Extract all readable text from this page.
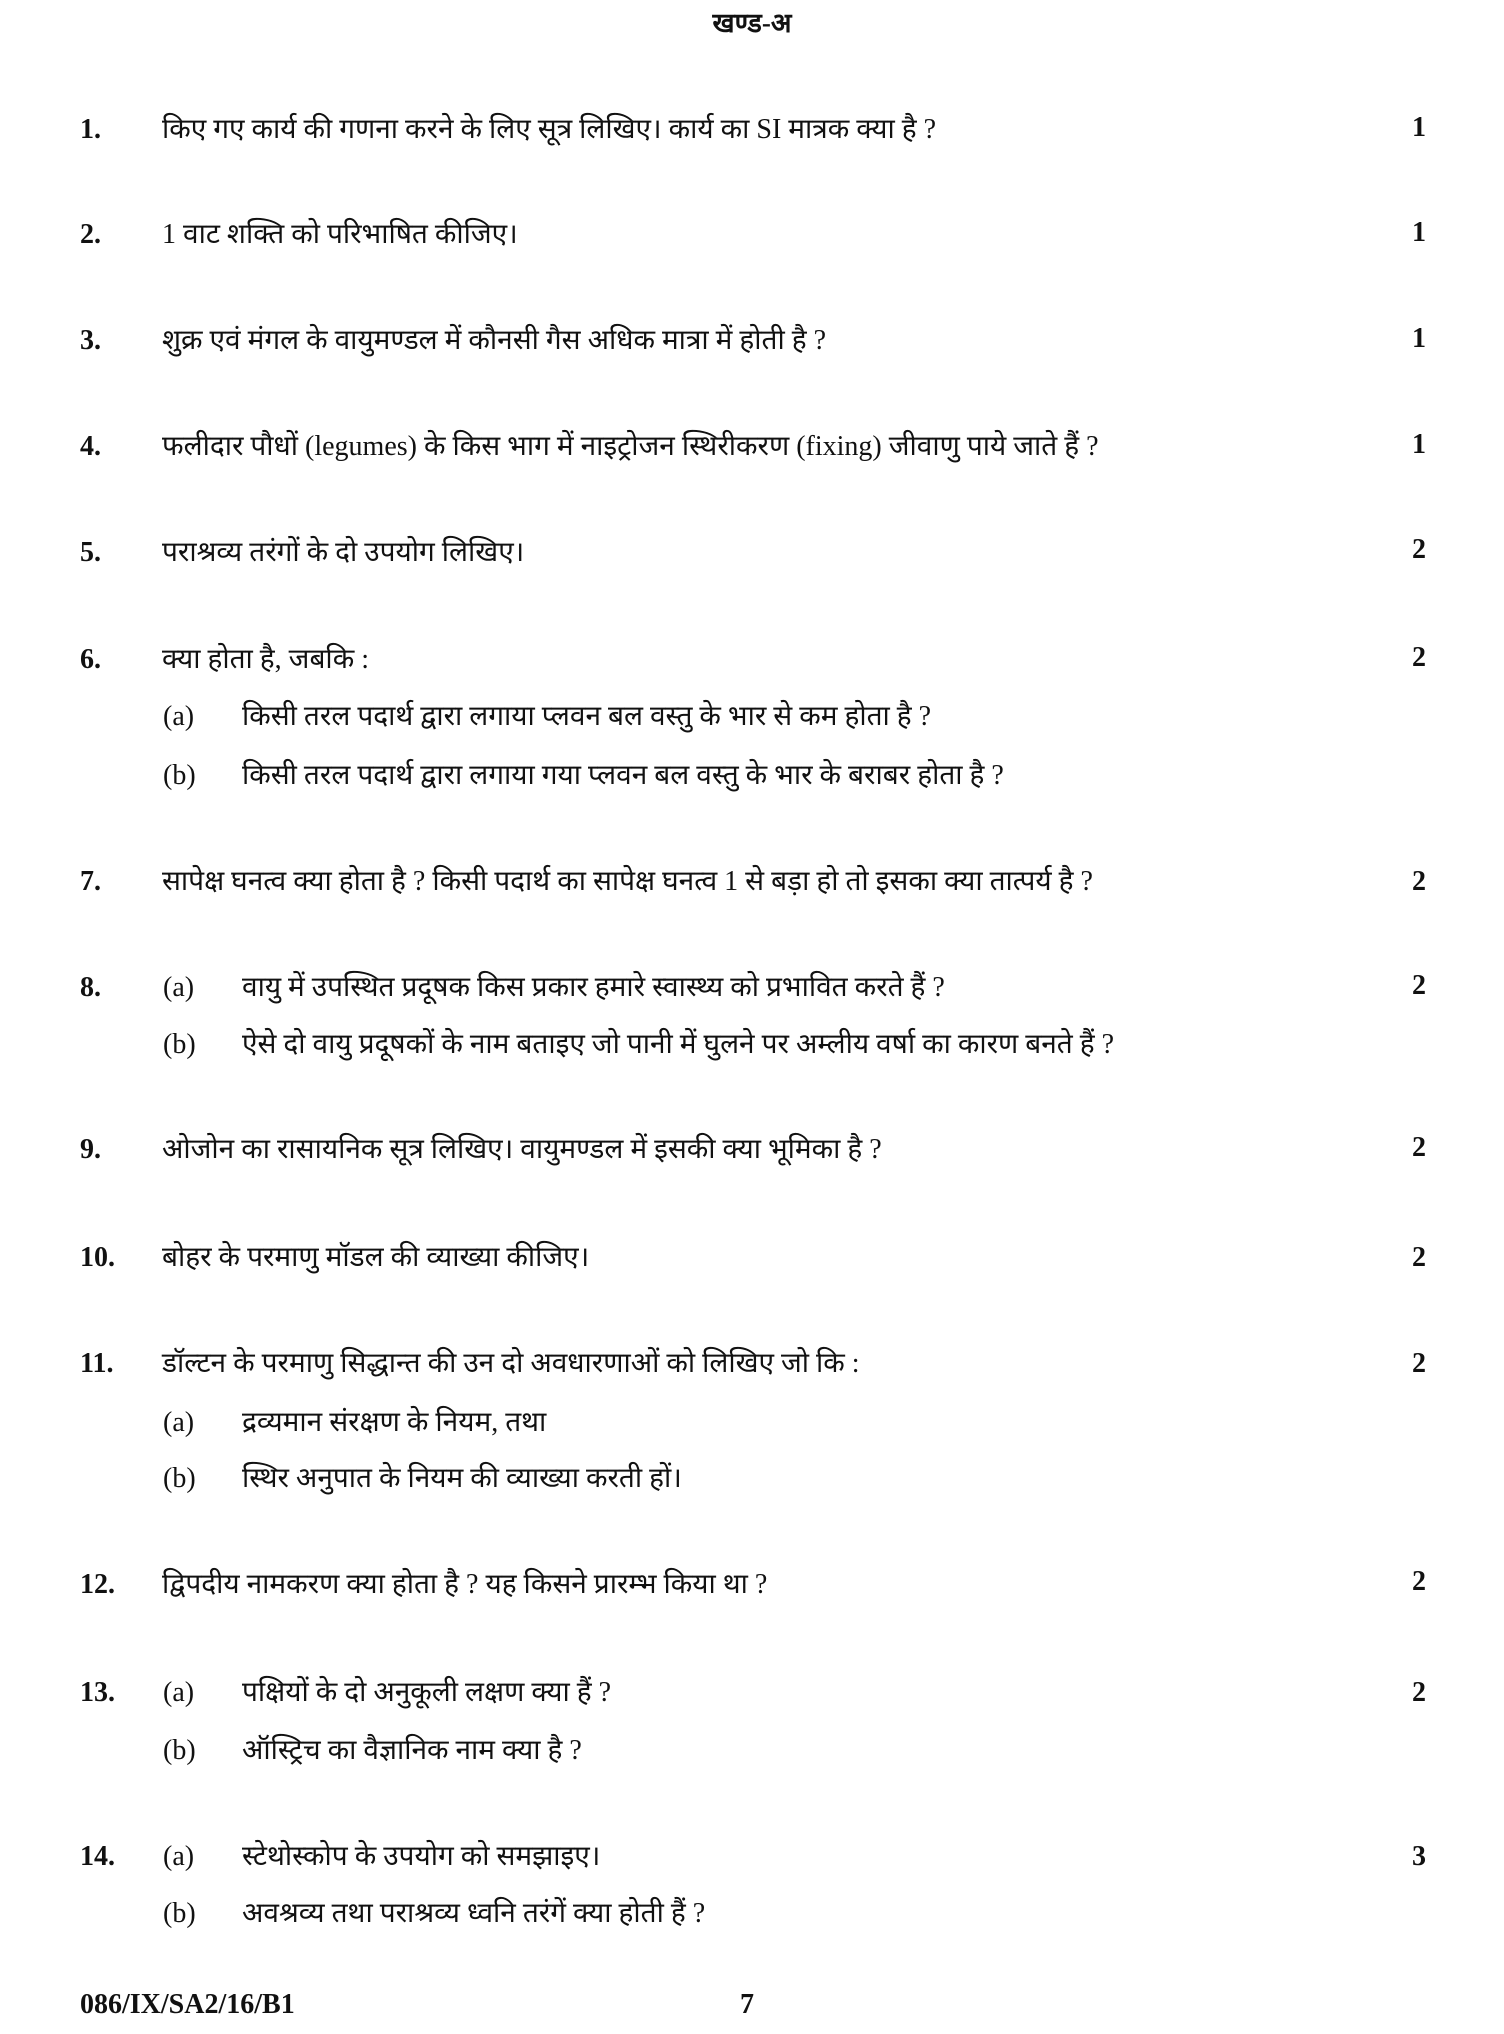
खण्ड-अ
1. किए गए कार्य की गणना करने के लिए सूत्र लिखिए। कार्य का SI मात्रक क्या है ?	1
2. 1 वाट शक्ति को परिभाषित कीजिए।	1
3. शुक्र एवं मंगल के वायुमण्डल में कौनसी गैस अधिक मात्रा में होती है ?	1
4. फलीदार पौधों (legumes) के किस भाग में नाइट्रोजन स्थिरीकरण (fixing) जीवाणु पाये जाते हैं ?	1
5. पराश्रव्य तरंगों के दो उपयोग लिखिए।	2
6. क्या होता है, जबकि :	2
(a) किसी तरल पदार्थ द्वारा लगाया प्लवन बल वस्तु के भार से कम होता है ?
(b) किसी तरल पदार्थ द्वारा लगाया गया प्लवन बल वस्तु के भार के बराबर होता है ?
7. सापेक्ष घनत्व क्या होता है ? किसी पदार्थ का सापेक्ष घनत्व 1 से बड़ा हो तो इसका क्या तात्पर्य है ?	2
8.	2
(a) वायु में उपस्थित प्रदूषक किस प्रकार हमारे स्वास्थ्य को प्रभावित करते हैं ?
(b) ऐसे दो वायु प्रदूषकों के नाम बताइए जो पानी में घुलने पर अम्लीय वर्षा का कारण बनते हैं ?
9. ओजोन का रासायनिक सूत्र लिखिए। वायुमण्डल में इसकी क्या भूमिका है ?	2
10. बोहर के परमाणु मॉडल की व्याख्या कीजिए।	2
11. डॉल्टन के परमाणु सिद्धान्त की उन दो अवधारणाओं को लिखिए जो कि :	2
(a) द्रव्यमान संरक्षण के नियम, तथा
(b) स्थिर अनुपात के नियम की व्याख्या करती हों।
12. द्विपदीय नामकरण क्या होता है ? यह किसने प्रारम्भ किया था ?	2
13.	2
(a) पक्षियों के दो अनुकूली लक्षण क्या हैं ?
(b) ऑस्ट्रिच का वैज्ञानिक नाम क्या है ?
14.	3
(a) स्टेथोस्कोप के उपयोग को समझाइए।
(b) अवश्रव्य तथा पराश्रव्य ध्वनि तरंगें क्या होती हैं ?
086/IX/SA2/16/B1	7
